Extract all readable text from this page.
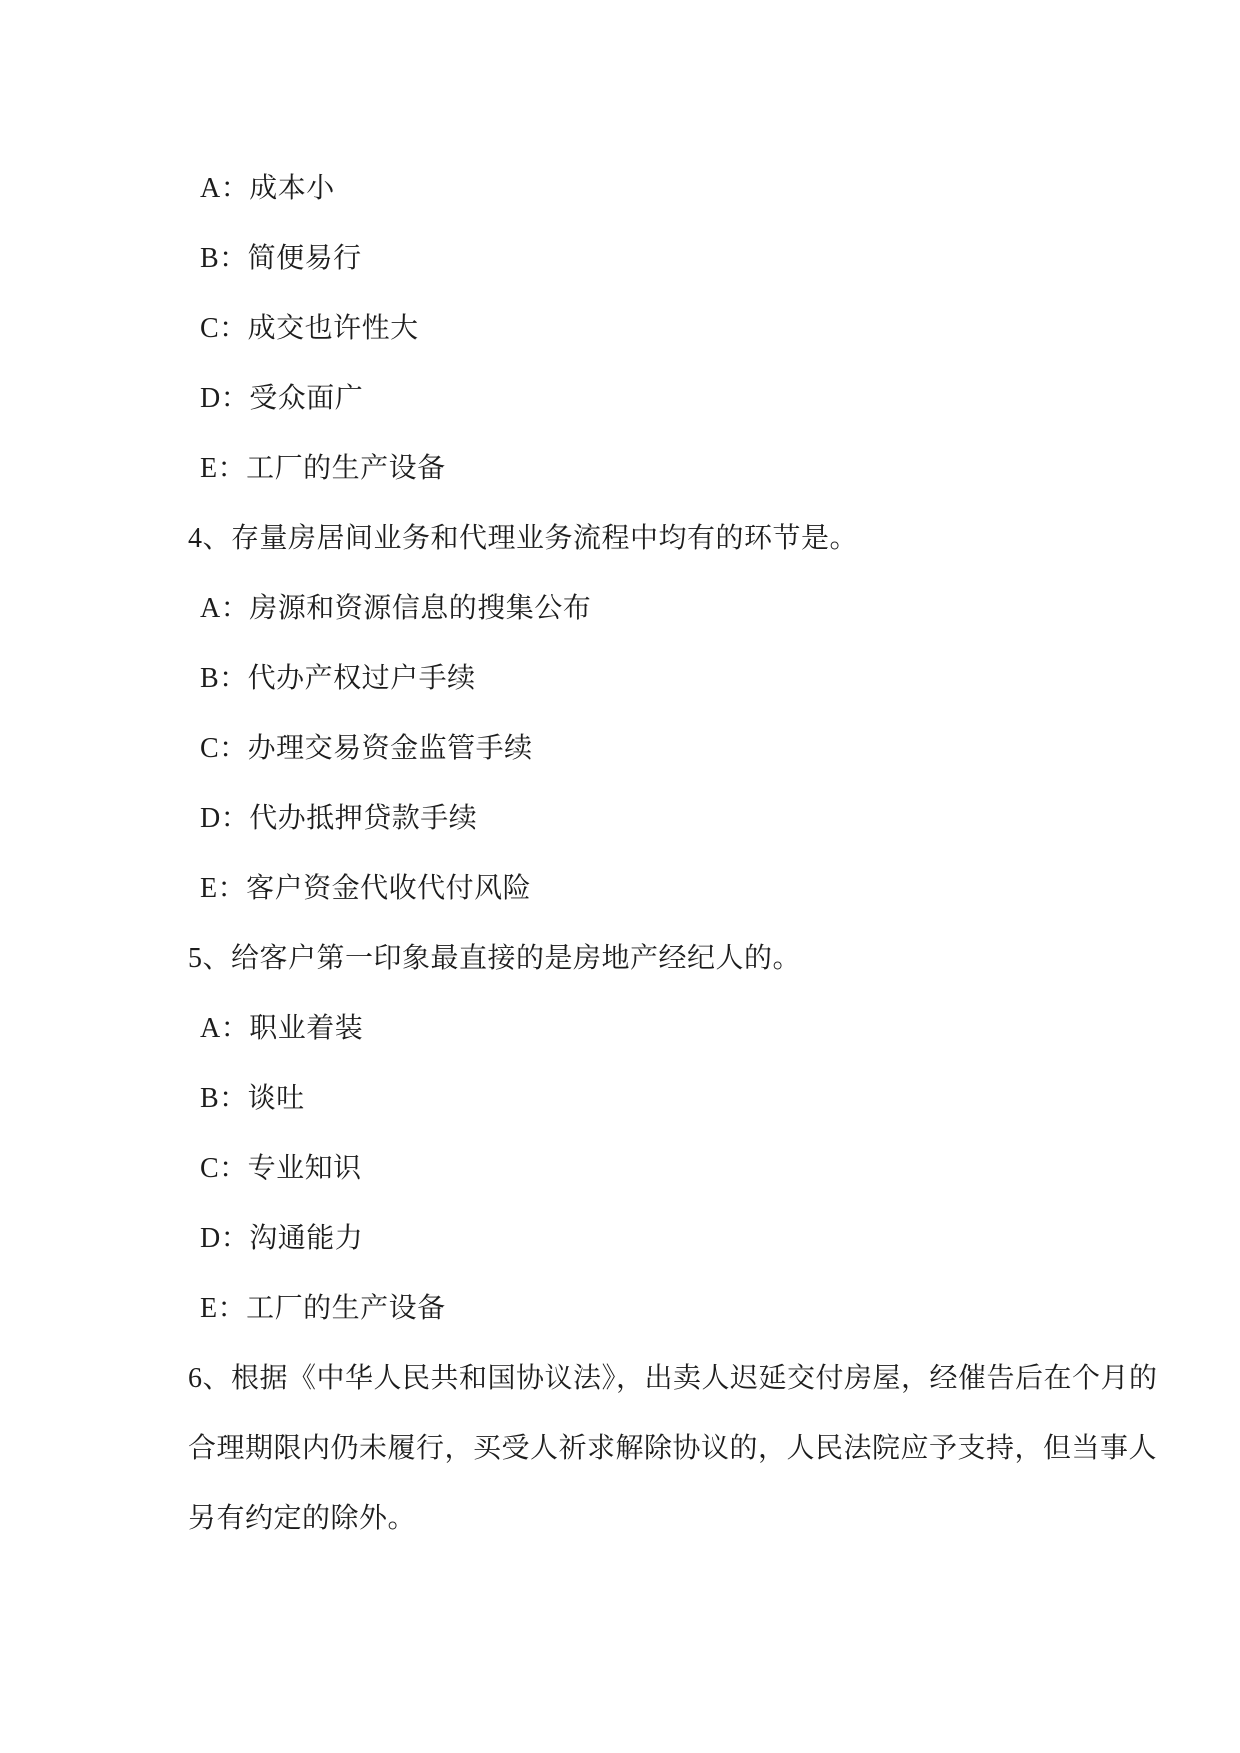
A：成本小

B：简便易行

C：成交也许性大

D：受众面广

E：工厂的生产设备

4、存量房居间业务和代理业务流程中均有的环节是。

A：房源和资源信息的搜集公布

B：代办产权过户手续

C：办理交易资金监管手续

D：代办抵押贷款手续

E：客户资金代收代付风险

5、给客户第一印象最直接的是房地产经纪人的。

A：职业着装

B：谈吐

C：专业知识

D：沟通能力

E：工厂的生产设备

6、根据《中华人民共和国协议法》，出卖人迟延交付房屋，经催告后在个月的

合理期限内仍未履行，买受人祈求解除协议的，人民法院应予支持，但当事人

另有约定的除外。
